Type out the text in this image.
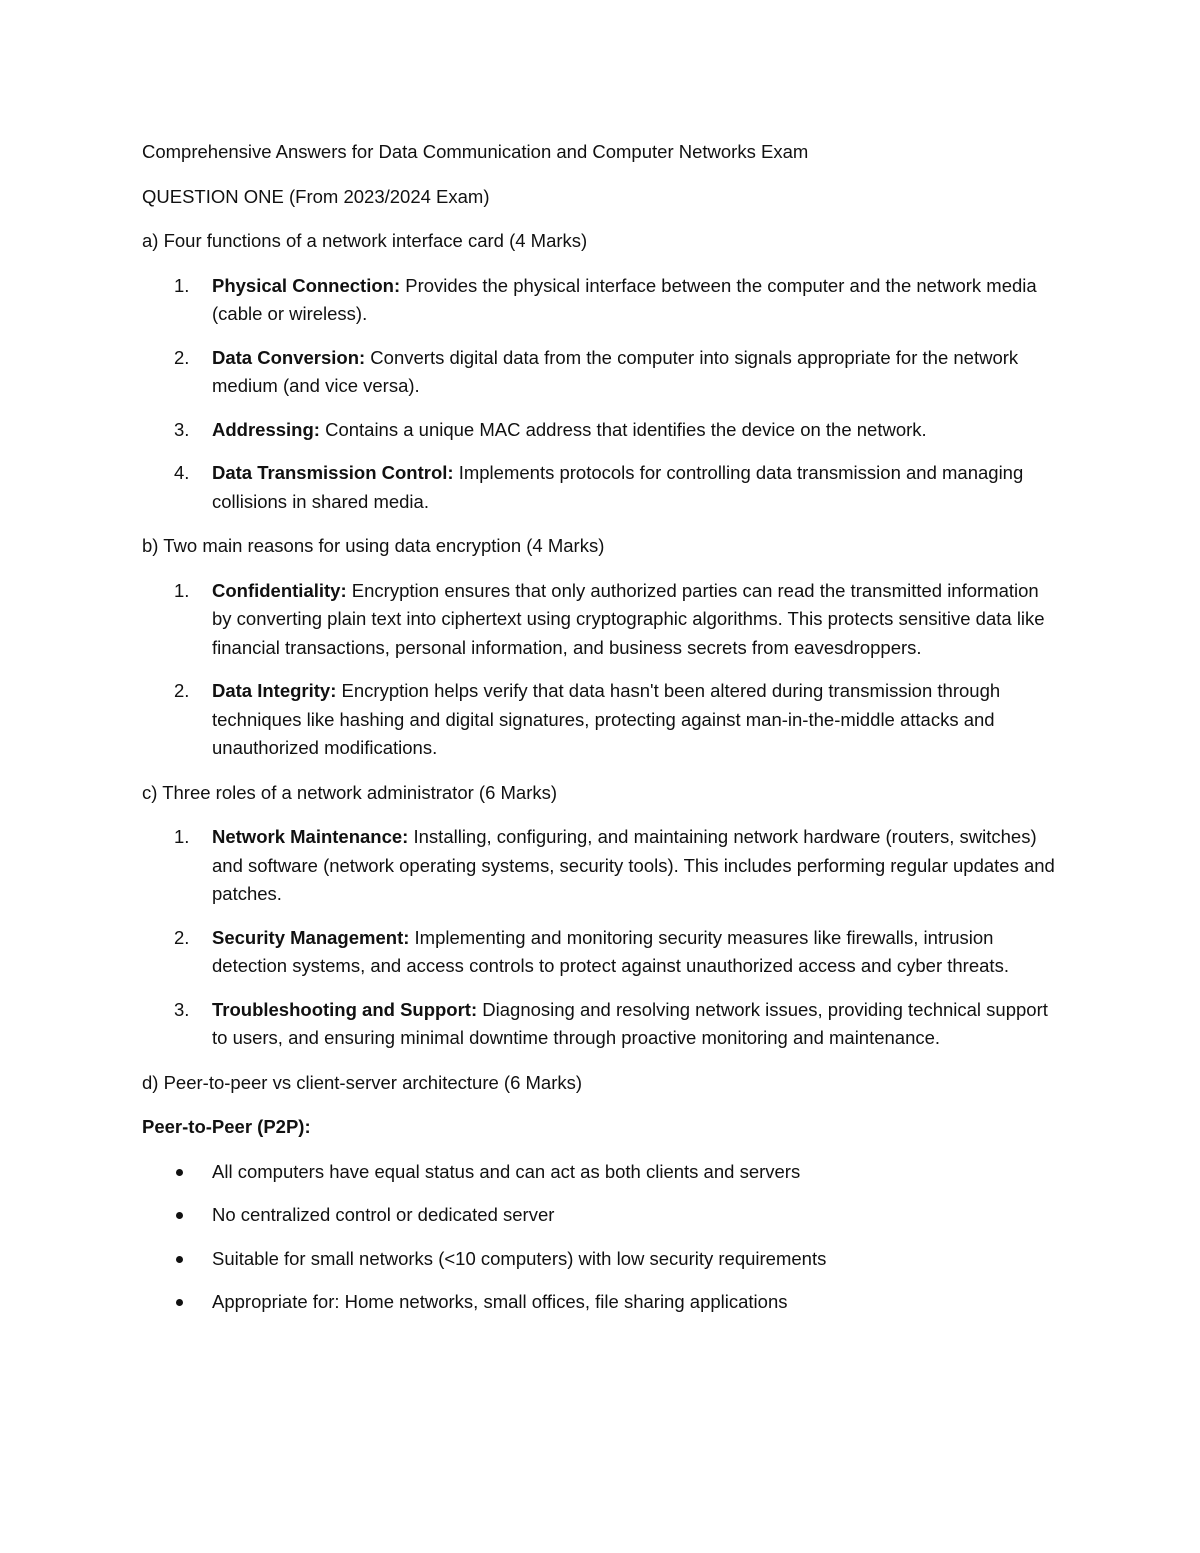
Comprehensive Answers for Data Communication and Computer Networks Exam

QUESTION ONE (From 2023/2024 Exam)

a) Four functions of a network interface card (4 Marks)

1. Physical Connection: Provides the physical interface between the computer and the network media (cable or wireless).
2. Data Conversion: Converts digital data from the computer into signals appropriate for the network medium (and vice versa).
3. Addressing: Contains a unique MAC address that identifies the device on the network.
4. Data Transmission Control: Implements protocols for controlling data transmission and managing collisions in shared media.

b) Two main reasons for using data encryption (4 Marks)

1. Confidentiality: Encryption ensures that only authorized parties can read the transmitted information by converting plain text into ciphertext using cryptographic algorithms. This protects sensitive data like financial transactions, personal information, and business secrets from eavesdroppers.
2. Data Integrity: Encryption helps verify that data hasn't been altered during transmission through techniques like hashing and digital signatures, protecting against man-in-the-middle attacks and unauthorized modifications.

c) Three roles of a network administrator (6 Marks)

1. Network Maintenance: Installing, configuring, and maintaining network hardware (routers, switches) and software (network operating systems, security tools). This includes performing regular updates and patches.
2. Security Management: Implementing and monitoring security measures like firewalls, intrusion detection systems, and access controls to protect against unauthorized access and cyber threats.
3. Troubleshooting and Support: Diagnosing and resolving network issues, providing technical support to users, and ensuring minimal downtime through proactive monitoring and maintenance.

d) Peer-to-peer vs client-server architecture (6 Marks)

Peer-to-Peer (P2P):

All computers have equal status and can act as both clients and servers
No centralized control or dedicated server
Suitable for small networks (<10 computers) with low security requirements
Appropriate for: Home networks, small offices, file sharing applications
